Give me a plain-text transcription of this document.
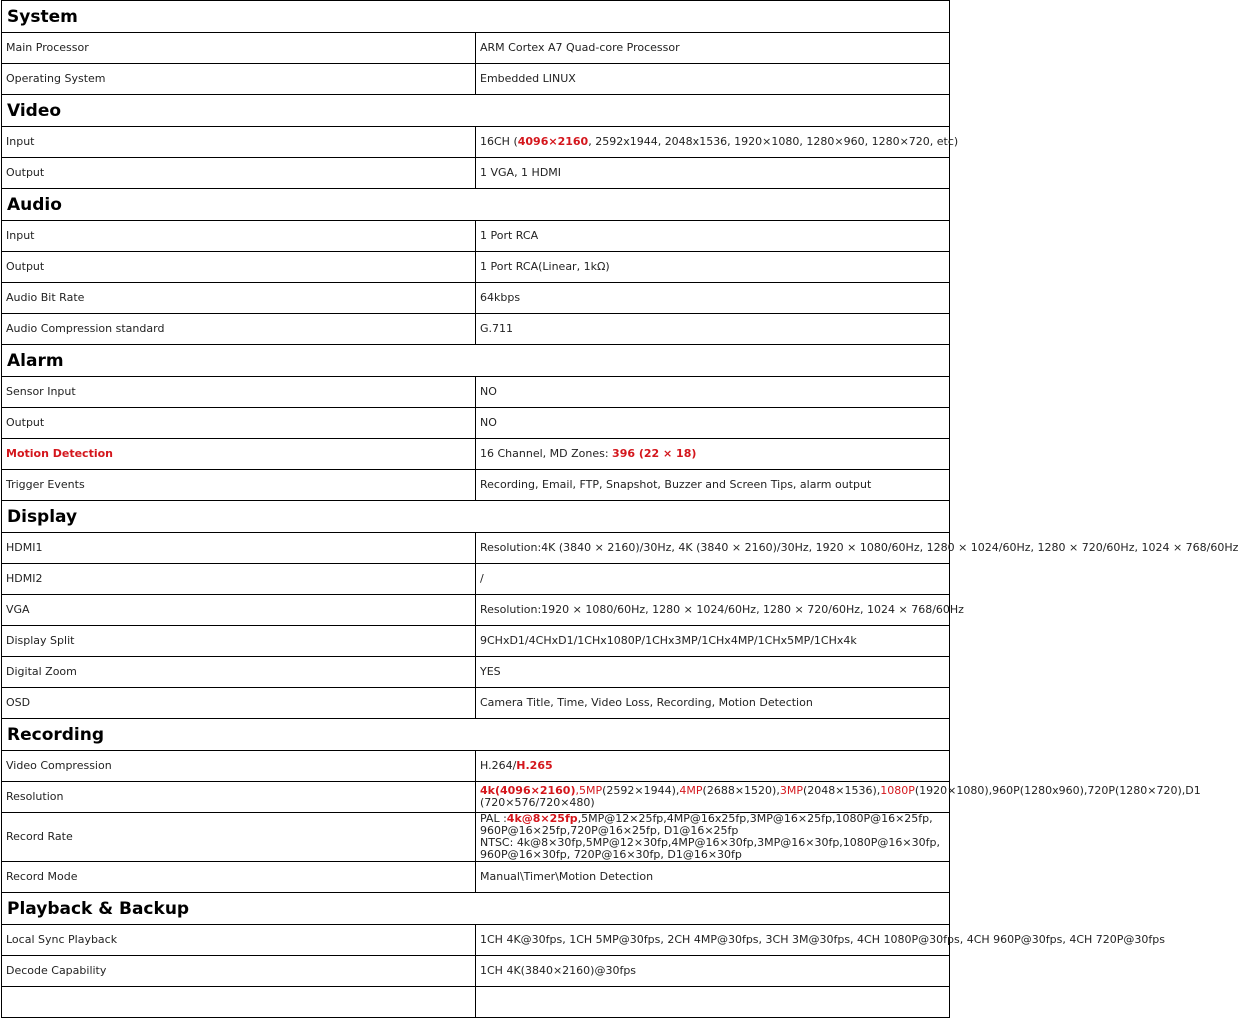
System	
Main Processor	ARM Cortex A7 Quad-core Processor
Operating System	Embedded LINUX
Video	
Input	16CH (4096×2160, 2592x1944, 2048x1536, 1920×1080, 1280×960, 1280×720, etc)
Output	1 VGA, 1 HDMI
Audio	
Input	1 Port RCA
Output	1 Port RCA(Linear, 1kΩ)
Audio Bit Rate	64kbps
Audio Compression standard	G.711
Alarm	
Sensor Input	NO
Output	NO
Motion Detection	16 Channel, MD Zones: 396 (22 × 18)
Trigger Events	Recording, Email, FTP, Snapshot, Buzzer and Screen Tips, alarm output
Display	
HDMI1	Resolution:4K (3840 × 2160)/30Hz, 4K (3840 × 2160)/30Hz, 1920 × 1080/60Hz, 1280 × 1024/60Hz, 1280 × 720/60Hz, 1024 × 768/60Hz
HDMI2	/
VGA	Resolution:1920 × 1080/60Hz, 1280 × 1024/60Hz, 1280 × 720/60Hz, 1024 × 768/60Hz
Display Split	9CHxD1/4CHxD1/1CHx1080P/1CHx3MP/1CHx4MP/1CHx5MP/1CHx4k
Digital Zoom	YES
OSD	Camera Title, Time, Video Loss, Recording, Motion Detection
Recording	
Video Compression	H.264/H.265
Resolution	4k(4096×2160),5MP(2592×1944),4MP(2688×1520),3MP(2048×1536),1080P(1920×1080),960P(1280x960),720P(1280×720),D1 (720×576/720×480)
Record Rate	PAL :4k@8×25fp,5MP@12×25fp,4MP@16x25fp,3MP@16×25fp,1080P@16×25fp, 960P@16×25fp,720P@16×25fp, D1@16×25fp
NTSC: 4k@8×30fp,5MP@12×30fp,4MP@16×30fp,3MP@16×30fp,1080P@16×30fp, 960P@16×30fp, 720P@16×30fp, D1@16×30fp

Record Mode	Manual\Timer\Motion Detection
Playback & Backup	
Local Sync Playback	1CH 4K@30fps, 1CH 5MP@30fps, 2CH 4MP@30fps, 3CH 3M@30fps, 4CH 1080P@30fps, 4CH 960P@30fps, 4CH 720P@30fps
Decode Capability	1CH 4K(3840×2160)@30fps
